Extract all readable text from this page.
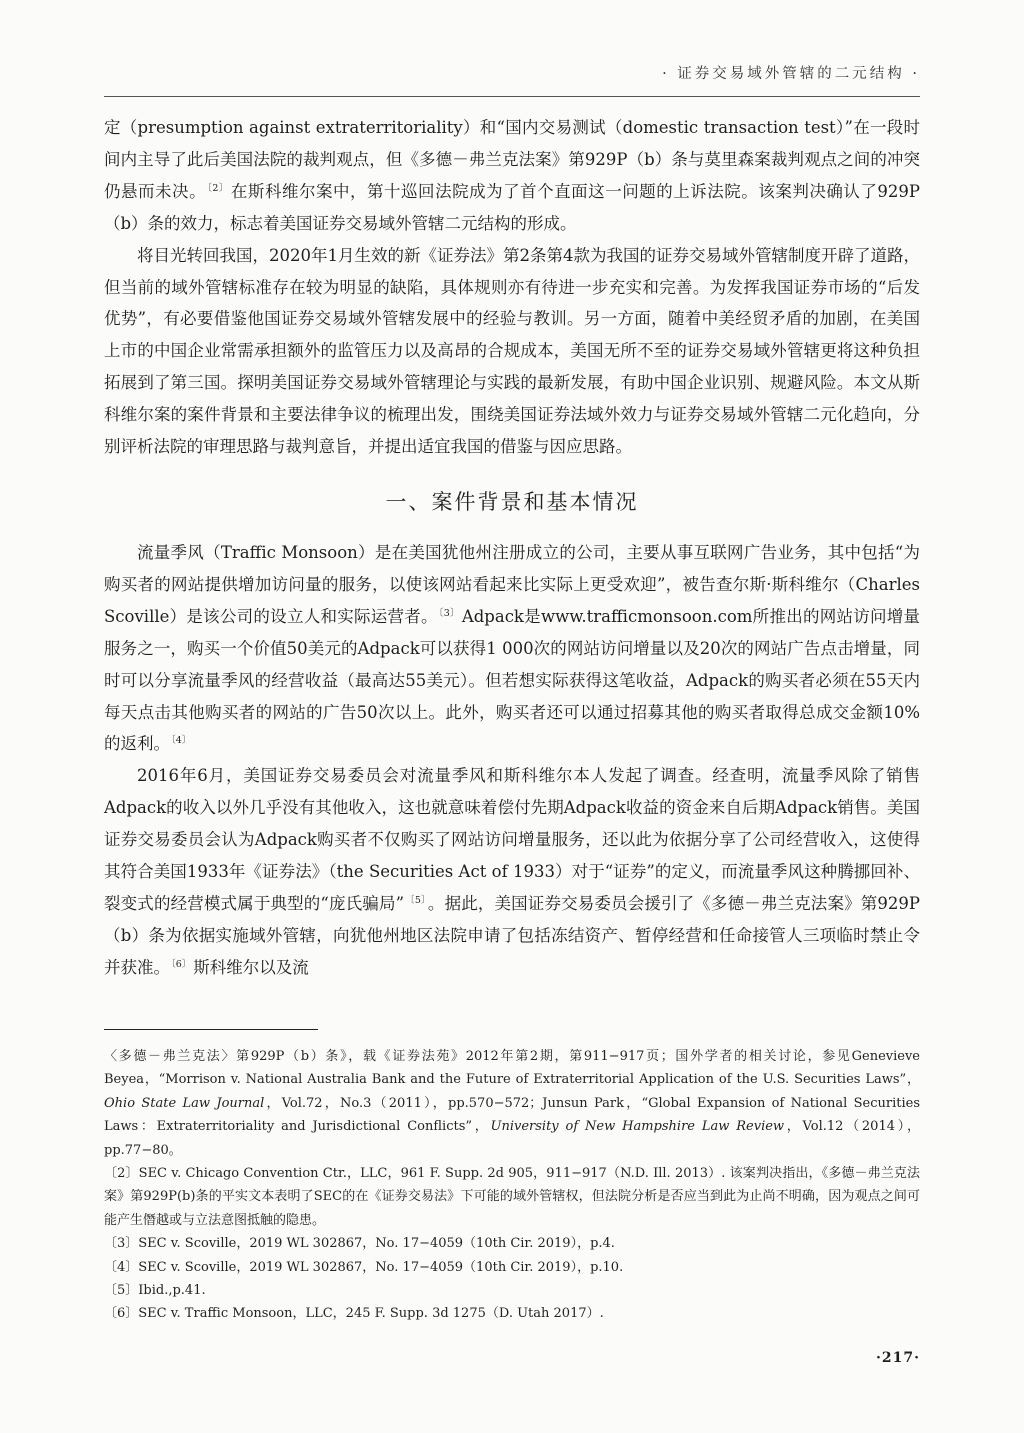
· 证券交易域外管辖的二元结构 ·

定（presumption against extraterritoriality）和“国内交易测试（domestic transaction test）”在一段时间内主导了此后美国法院的裁判观点，但《多德－弗兰克法案》第929P（b）条与莫里森案裁判观点之间的冲突仍悬而未决。$^{〔2〕}$ 在斯科维尔案中，第十巡回法院成为了首个直面这一问题的上诉法院。该案判决确认了929P（b）条的效力，标志着美国证券交易域外管辖二元结构的形成。

将目光转回我国，2020年1月生效的新《证券法》第2条第4款为我国的证券交易域外管辖制度开辟了道路，但当前的域外管辖标准存在较为明显的缺陷，具体规则亦有待进一步充实和完善。为发挥我国证券市场的“后发优势”，有必要借鉴他国证券交易域外管辖发展中的经验与教训。另一方面，随着中美经贸矛盾的加剧，在美国上市的中国企业常需承担额外的监管压力以及高昂的合规成本，美国无所不至的证券交易域外管辖更将这种负担拓展到了第三国。探明美国证券交易域外管辖理论与实践的最新发展，有助中国企业识别、规避风险。本文从斯科维尔案的案件背景和主要法律争议的梳理出发，围绕美国证券法域外效力与证券交易域外管辖二元化趋向，分别评析法院的审理思路与裁判意旨，并提出适宜我国的借鉴与因应思路。

一、案件背景和基本情况

流量季风（Traffic Monsoon）是在美国犹他州注册成立的公司，主要从事互联网广告业务，其中包括“为购买者的网站提供增加访问量的服务，以使该网站看起来比实际上更受欢迎”，被告查尔斯·斯科维尔（Charles Scoville）是该公司的设立人和实际运营者。$^{〔3〕}$ Adpack是www.trafficmonsoon.com所推出的网站访问增量服务之一，购买一个价值50美元的Adpack可以获得1 000次的网站访问增量以及20次的网站广告点击增量，同时可以分享流量季风的经营收益（最高达55美元）。但若想实际获得这笔收益，Adpack的购买者必须在55天内每天点击其他购买者的网站的广告50次以上。此外，购买者还可以通过招募其他的购买者取得总成交金额10%的返利。$^{〔4〕}$

2016年6月，美国证券交易委员会对流量季风和斯科维尔本人发起了调查。经查明，流量季风除了销售Adpack的收入以外几乎没有其他收入，这也就意味着偿付先期Adpack收益的资金来自后期Adpack销售。美国证券交易委员会认为Adpack购买者不仅购买了网站访问增量服务，还以此为依据分享了公司经营收入，这使得其符合美国1933年《证券法》（the Securities Act of 1933）对于“证券”的定义，而流量季风这种腾挪回补、裂变式的经营模式属于典型的“庞氏骗局”$^{〔5〕}$ 。据此，美国证券交易委员会援引了《多德－弗兰克法案》第929P（b）条为依据实施域外管辖，向犹他州地区法院申请了包括冻结资产、暂停经营和任命接管人三项临时禁止令并获准。$^{〔6〕}$ 斯科维尔以及流

〈多德－弗兰克法〉第929P（b）条》，载《证券法苑》2012年第2期，第911−917页；国外学者的相关讨论，参见Genevieve Beyea，“Morrison v. National Australia Bank and the Future of Extraterritorial Application of the U.S. Securities Laws”，Ohio State Law Journal，Vol.72，No.3（2011），pp.570−572；Junsun Park，“Global Expansion of National Securities Laws：Extraterritoriality and Jurisdictional Conflicts”，University of New Hampshire Law Review，Vol.12（2014），pp.77−80。

〔2〕SEC v. Chicago Convention Ctr.，LLC，961 F. Supp. 2d 905，911−917（N.D. Ill. 2013）. 该案判决指出，《多德－弗兰克法案》第929P(b)条的平实文本表明了SEC的在《证券交易法》下可能的域外管辖权，但法院分析是否应当到此为止尚不明确，因为观点之间可能产生僭越或与立法意图抵触的隐患。

〔3〕SEC v. Scoville，2019 WL 302867，No. 17−4059（10th Cir. 2019），p.4.

〔4〕SEC v. Scoville，2019 WL 302867，No. 17−4059（10th Cir. 2019），p.10.

〔5〕Ibid.,p.41.

〔6〕SEC v. Traffic Monsoon，LLC，245 F. Supp. 3d 1275（D. Utah 2017）.

·217·
